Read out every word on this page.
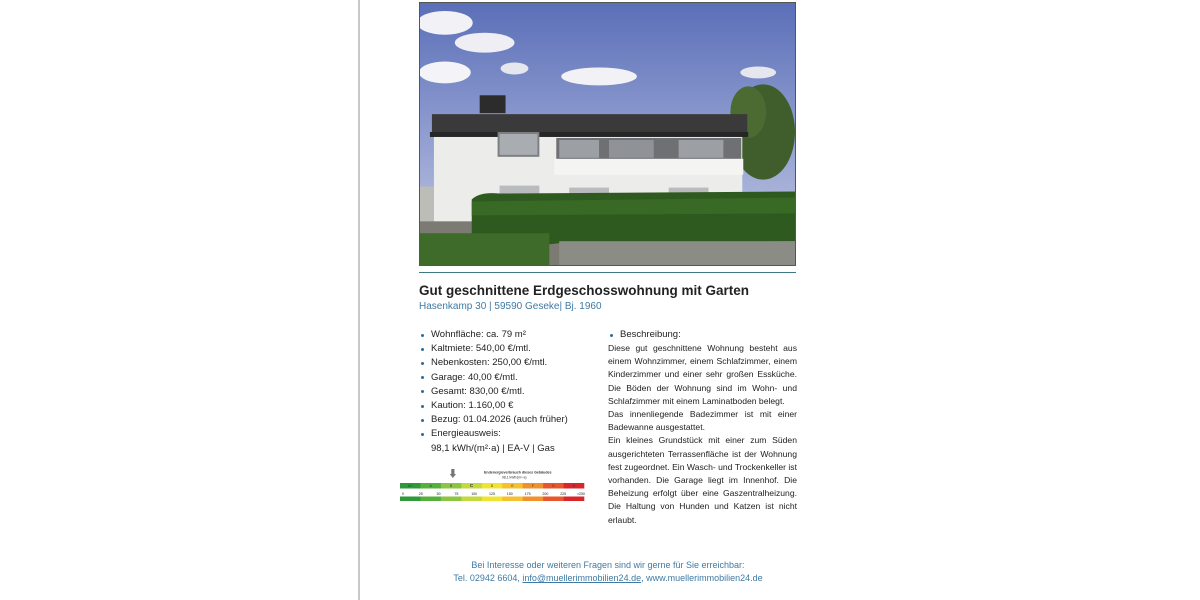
Gut geschnittene Erdgeschosswohnung mit Garten
Hasenkamp 30 | 59590 Geseke| Bj. 1960
Wohnfläche: ca. 79 m²
Kaltmiete: 540,00 €/mtl.
Nebenkosten: 250,00 €/mtl.
Garage: 40,00 €/mtl.
Gesamt: 830,00 €/mtl.
Kaution: 1.160,00 €
Bezug: 01.04.2026 (auch früher)
Energieausweis:
98,1 kWh/(m²·a) | EA-V | Gas
Endenergieverbrauch dieses Gebäudes
98,1 kWh/(m²·a)
A+	A	B	C	D	E	F	G	H
0	25	50	75	100	125	150	175	200	225	>250
Beschreibung:

Diese gut geschnittene Wohnung besteht aus einem Wohnzimmer, einem Schlafzimmer, einem Kinderzimmer und einer sehr großen Essküche. Die Böden der Wohnung sind im Wohn- und Schlafzimmer mit einem Laminatboden belegt.

Das innenliegende Badezimmer ist mit einer Badewanne ausgestattet.

Ein kleines Grundstück mit einer zum Süden ausgerichteten Terrassenfläche ist der Wohnung fest zugeordnet. Ein Wasch- und Trockenkeller ist vorhanden. Die Garage liegt im Innenhof. Die Beheizung erfolgt über eine Gaszentralheizung. Die Haltung von Hunden und Katzen ist nicht erlaubt.

Bei Interesse oder weiteren Fragen sind wir gerne für Sie erreichbar:
Tel. 02942 6604, info@muellerimmobilien24.de, www.muellerimmobilien24.de
